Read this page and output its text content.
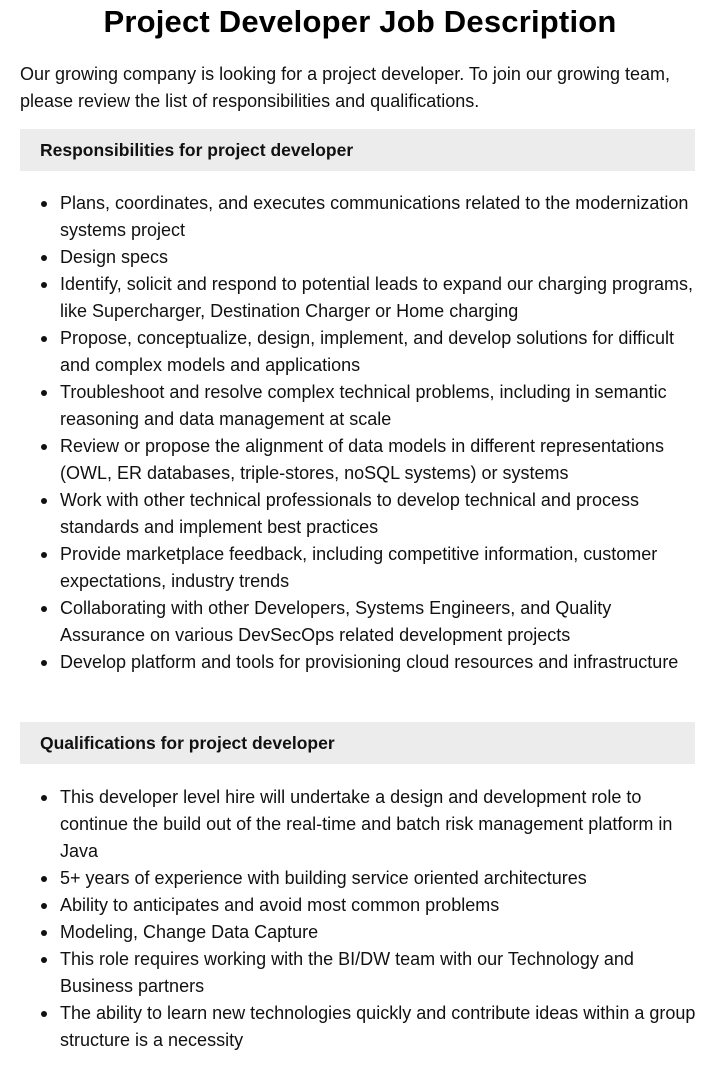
Project Developer Job Description

Our growing company is looking for a project developer. To join our growing team, please review the list of responsibilities and qualifications.

Responsibilities for project developer
Plans, coordinates, and executes communications related to the modernization systems project
Design specs
Identify, solicit and respond to potential leads to expand our charging programs, like Supercharger, Destination Charger or Home charging
Propose, conceptualize, design, implement, and develop solutions for difficult and complex models and applications
Troubleshoot and resolve complex technical problems, including in semantic reasoning and data management at scale
Review or propose the alignment of data models in different representations (OWL, ER databases, triple-stores, noSQL systems) or systems
Work with other technical professionals to develop technical and process standards and implement best practices
Provide marketplace feedback, including competitive information, customer expectations, industry trends
Collaborating with other Developers, Systems Engineers, and Quality Assurance on various DevSecOps related development projects
Develop platform and tools for provisioning cloud resources and infrastructure
Qualifications for project developer
This developer level hire will undertake a design and development role to continue the build out of the real-time and batch risk management platform in Java
5+ years of experience with building service oriented architectures
Ability to anticipates and avoid most common problems
Modeling, Change Data Capture
This role requires working with the BI/DW team with our Technology and Business partners
The ability to learn new technologies quickly and contribute ideas within a group structure is a necessity
